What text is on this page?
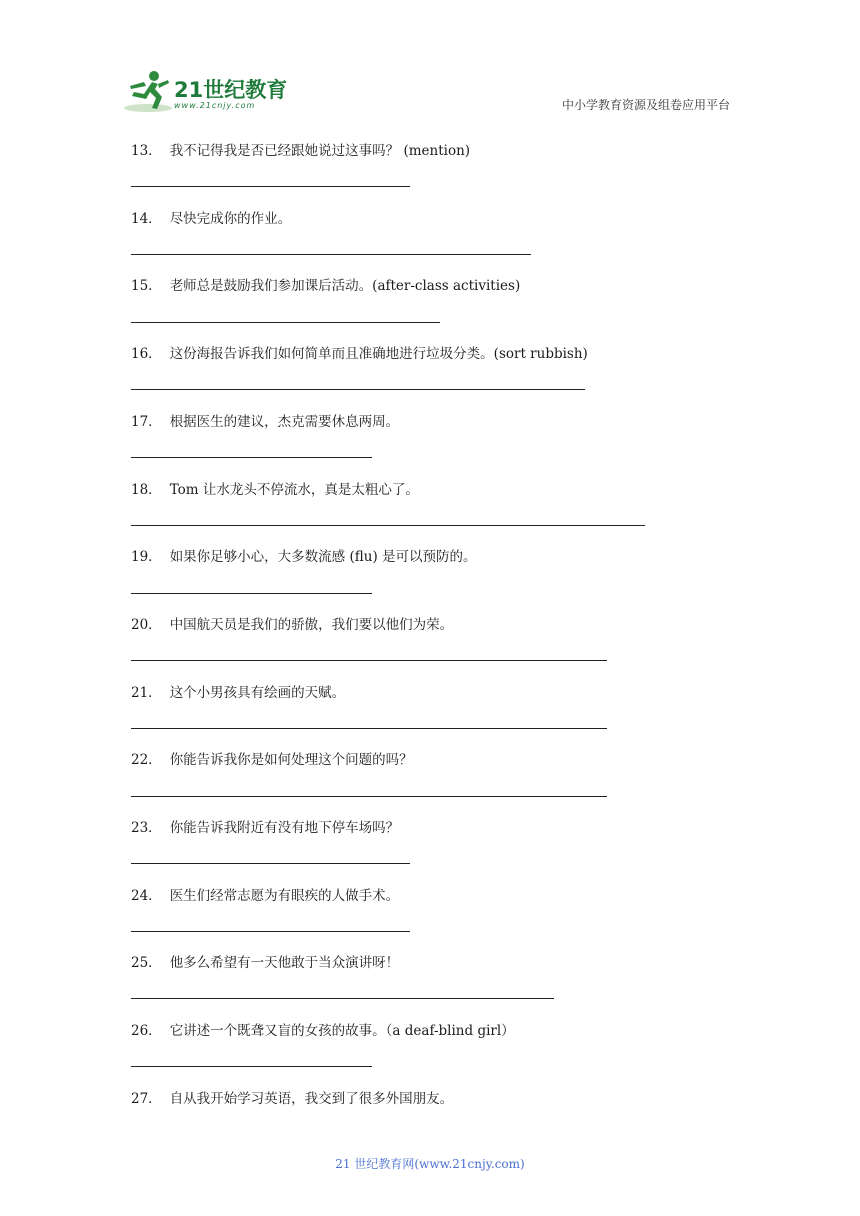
21世纪教育
www.21cnjy.com	中小学教育资源及组卷应用平台
13． 我不记得我是否已经跟她说过这事吗？ (mention)
14． 尽快完成你的作业。
15． 老师总是鼓励我们参加课后活动。(after-class activities)
16． 这份海报告诉我们如何简单而且准确地进行垃圾分类。(sort rubbish)
17． 根据医生的建议，杰克需要休息两周。
18． Tom 让水龙头不停流水，真是太粗心了。
19． 如果你足够小心，大多数流感 (flu) 是可以预防的。
20． 中国航天员是我们的骄傲，我们要以他们为荣。
21． 这个小男孩具有绘画的天赋。
22． 你能告诉我你是如何处理这个问题的吗？
23． 你能告诉我附近有没有地下停车场吗？
24． 医生们经常志愿为有眼疾的人做手术。
25． 他多么希望有一天他敢于当众演讲呀！
26． 它讲述一个既聋又盲的女孩的故事。（a deaf-blind girl）
27． 自从我开始学习英语，我交到了很多外国朋友。
21 世纪教育网(www.21cnjy.com)
